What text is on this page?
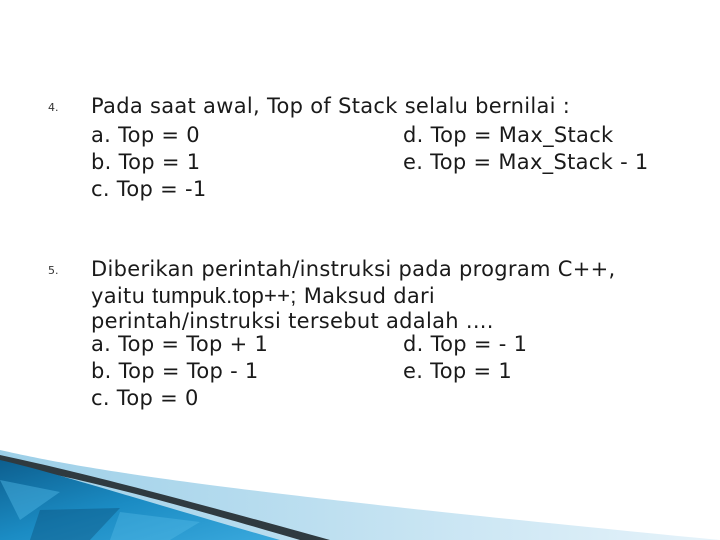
4. Pada saat awal, Top of Stack selalu bernilai :
a. Top = 0	d. Top = Max_Stack
b. Top = 1	e. Top = Max_Stack - 1
c. Top = -1
5. Diberikan perintah/instruksi pada program C++,
yaitu tumpuk.top++; Maksud dari
perintah/instruksi tersebut adalah ....
a. Top = Top + 1	d. Top = - 1
b. Top = Top - 1	e. Top = 1
c. Top = 0
